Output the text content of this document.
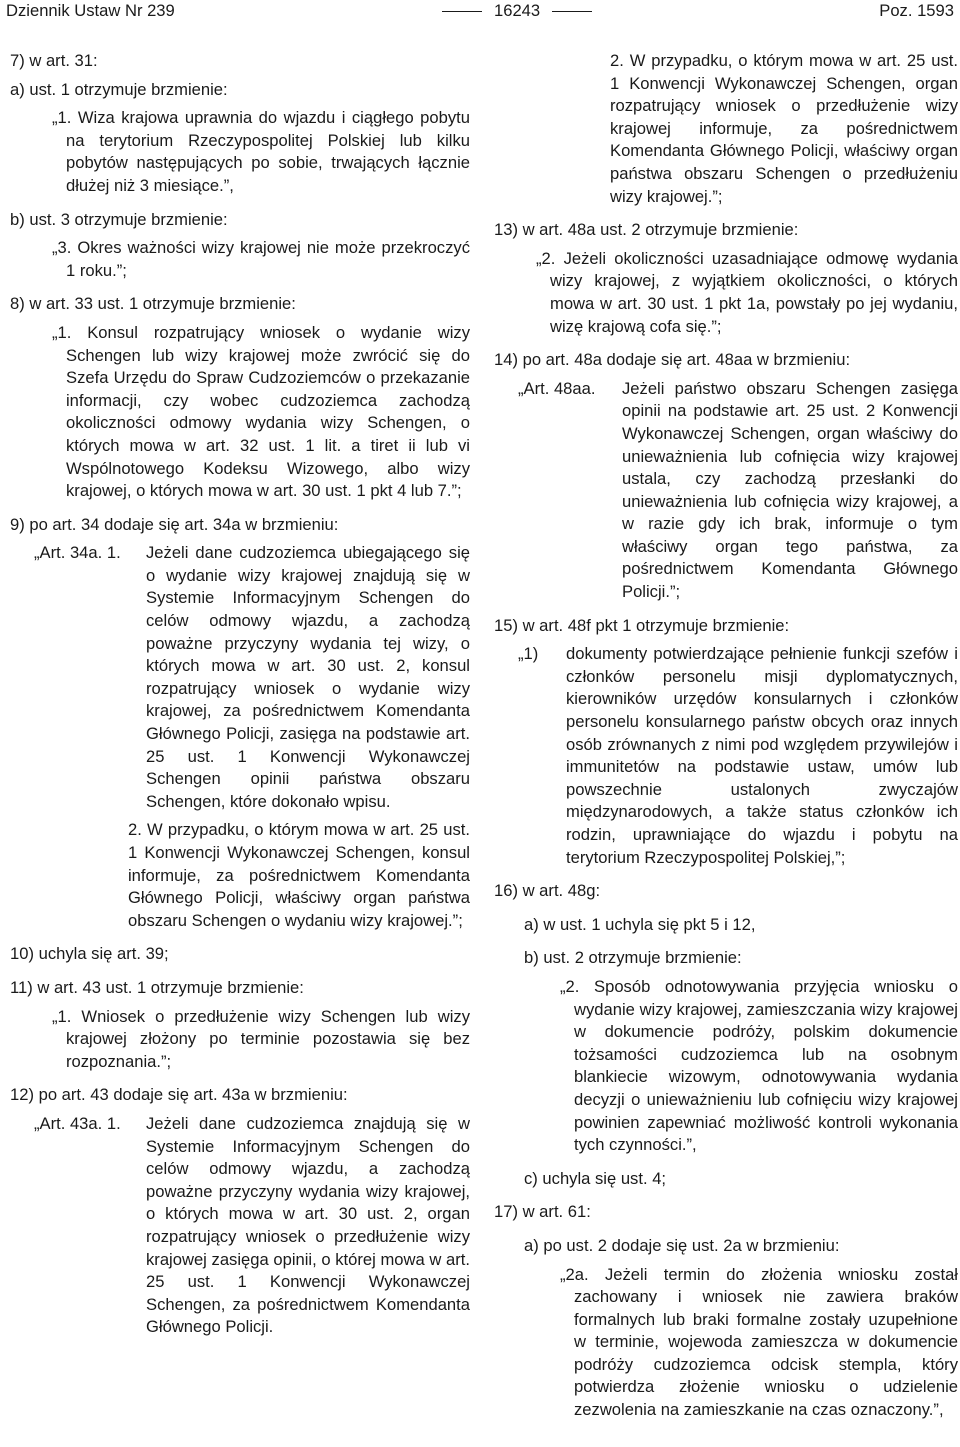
Dziennik Ustaw Nr 239	16243	Poz. 1593

7) w art. 31:

a) ust. 1 otrzymuje brzmienie:

„1. Wiza krajowa uprawnia do wjazdu i ciągłego pobytu na terytorium Rzeczypospolitej Polskiej lub kilku pobytów następujących po sobie, trwających łącznie dłużej niż 3 miesiące.”,

b) ust. 3 otrzymuje brzmienie:

„3. Okres ważności wizy krajowej nie może przekroczyć 1 roku.”;

8) w art. 33 ust. 1 otrzymuje brzmienie:

„1. Konsul rozpatrujący wniosek o wydanie wizy Schengen lub wizy krajowej może zwrócić się do Szefa Urzędu do Spraw Cudzoziemców o przekazanie informacji, czy wobec cudzoziemca zachodzą okoliczności odmowy wydania wizy Schengen, o których mowa w art. 32 ust. 1 lit. a tiret ii lub vi Wspólnotowego Kodeksu Wizowego, albo wizy krajowej, o których mowa w art. 30 ust. 1 pkt 4 lub 7.”;

9) po art. 34 dodaje się art. 34a w brzmieniu:

„Art. 34a. 1.	Jeżeli dane cudzoziemca ubiegającego się o wydanie wizy krajowej znajdują się w Systemie Informacyjnym Schengen do celów odmowy wjazdu, a zachodzą poważne przyczyny wydania tej wizy, o których mowa w art. 30 ust. 2, konsul rozpatrujący wniosek o wydanie wizy krajowej, za pośrednictwem Komendanta Głównego Policji, zasięga na podstawie art. 25 ust. 1 Konwencji Wykonawczej Schengen opinii państwa obszaru Schengen, które dokonało wpisu.

2. W przypadku, o którym mowa w art. 25 ust. 1 Konwencji Wykonawczej Schengen, konsul informuje, za pośrednictwem Komendanta Głównego Policji, właściwy organ państwa obszaru Schengen o wydaniu wizy krajowej.”;

10) uchyla się art. 39;

11) w art. 43 ust. 1 otrzymuje brzmienie:

„1. Wniosek o przedłużenie wizy Schengen lub wizy krajowej złożony po terminie pozostawia się bez rozpoznania.”;

12) po art. 43 dodaje się art. 43a w brzmieniu:

„Art. 43a. 1.	Jeżeli dane cudzoziemca znajdują się w Systemie Informacyjnym Schengen do celów odmowy wjazdu, a zachodzą poważne przyczyny wydania wizy krajowej, o których mowa w art. 30 ust. 2, organ rozpatrujący wniosek o przedłużenie wizy krajowej zasięga opinii, o której mowa w art. 25 ust. 1 Konwencji Wykonawczej Schengen, za pośrednictwem Komendanta Głównego Policji.

2. W przypadku, o którym mowa w art. 25 ust. 1 Konwencji Wykonawczej Schengen, organ rozpatrujący wniosek o przedłużenie wizy krajowej informuje, za pośrednictwem Komendanta Głównego Policji, właściwy organ państwa obszaru Schengen o przedłużeniu wizy krajowej.”;

13) w art. 48a ust. 2 otrzymuje brzmienie:

„2. Jeżeli okoliczności uzasadniające odmowę wydania wizy krajowej, z wyjątkiem okoliczności, o których mowa w art. 30 ust. 1 pkt 1a, powstały po jej wydaniu, wizę krajową cofa się.”;

14) po art. 48a dodaje się art. 48aa w brzmieniu:

„Art. 48aa.	Jeżeli państwo obszaru Schengen zasięga opinii na podstawie art. 25 ust. 2 Konwencji Wykonawczej Schengen, organ właściwy do unieważnienia lub cofnięcia wizy krajowej ustala, czy zachodzą przesłanki do unieważnienia lub cofnięcia wizy krajowej, a w razie gdy ich brak, informuje o tym właściwy organ tego państwa, za pośrednictwem Komendanta Głównego Policji.”;

15) w art. 48f pkt 1 otrzymuje brzmienie:

„1)	dokumenty potwierdzające pełnienie funkcji szefów i członków personelu misji dyplomatycznych, kierowników urzędów konsularnych i członków personelu konsularnego państw obcych oraz innych osób zrównanych z nimi pod względem przywilejów i immunitetów na podstawie ustaw, umów lub powszechnie ustalonych zwyczajów międzynarodowych, a także status członków ich rodzin, uprawniające do wjazdu i pobytu na terytorium Rzeczypospolitej Polskiej,”;

16) w art. 48g:

a) w ust. 1 uchyla się pkt 5 i 12,

b) ust. 2 otrzymuje brzmienie:

„2. Sposób odnotowywania przyjęcia wniosku o wydanie wizy krajowej, zamieszczania wizy krajowej w dokumencie podróży, polskim dokumencie tożsamości cudzoziemca lub na osobnym blankiecie wizowym, odnotowywania wydania decyzji o unieważnieniu lub cofnięciu wizy krajowej powinien zapewniać możliwość kontroli wykonania tych czynności.”,

c) uchyla się ust. 4;

17) w art. 61:

a) po ust. 2 dodaje się ust. 2a w brzmieniu:

„2a. Jeżeli termin do złożenia wniosku został zachowany i wniosek nie zawiera braków formalnych lub braki formalne zostały uzupełnione w terminie, wojewoda zamieszcza w dokumencie podróży cudzoziemca odcisk stempla, który potwierdza złożenie wniosku o udzielenie zezwolenia na zamieszkanie na czas oznaczony.”,
